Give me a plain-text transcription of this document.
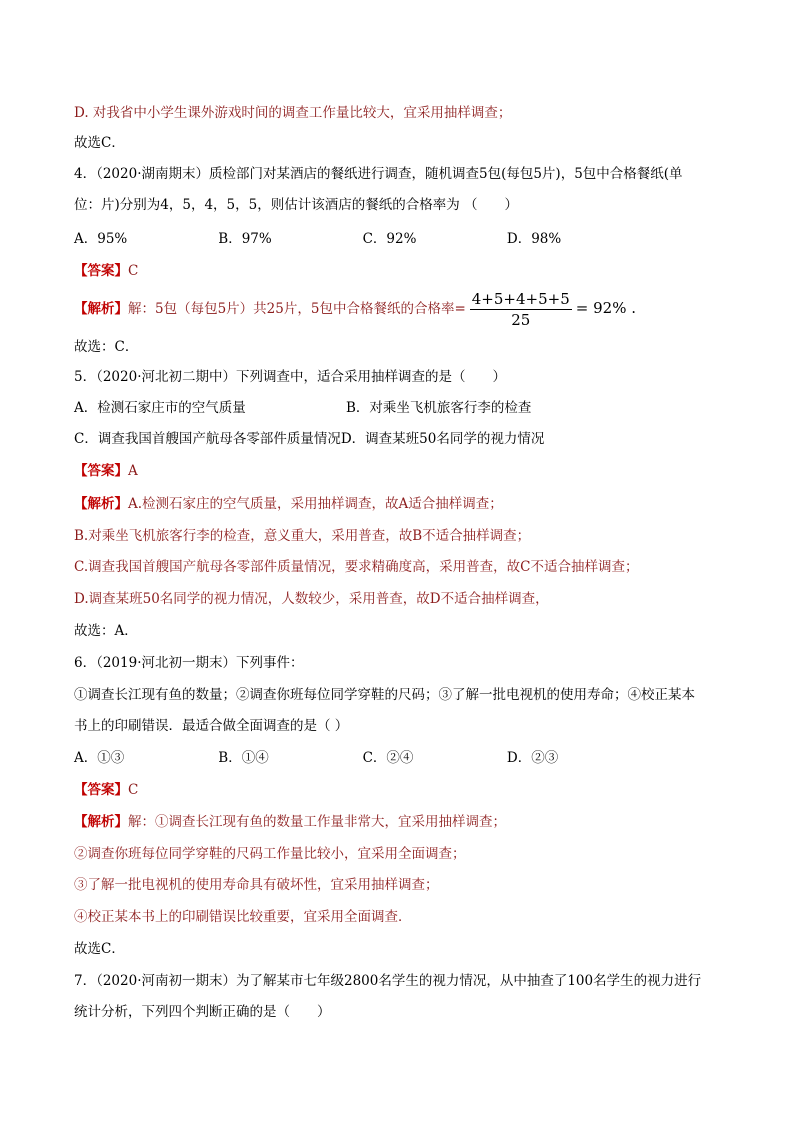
D. 对我省中小学生课外游戏时间的调查工作量比较大，宜采用抽样调查；
故选C．
4．（2020·湖南期末）质检部门对某酒店的餐纸进行调查，随机调查5包(每包5片)，5包中合格餐纸(单
位：片)分别为4，5，4，5，5，则估计该酒店的餐纸的合格率为 （　　）
A．95%	B．97%	C．92%	D．98%
【答案】C
【解析】解：5包（每包5片）共25片，5包中合格餐纸的合格率= $\frac{4+5+4+5+5}{25} = 92\%$ .
故选：C．
5．（2020·河北初二期中）下列调查中，适合采用抽样调查的是（　　）
A．检测石家庄市的空气质量	B．对乘坐飞机旅客行李的检查
C．调查我国首艘国产航母各零部件质量情况D．调查某班50名同学的视力情况
【答案】A
【解析】A.检测石家庄的空气质量，采用抽样调查，故A适合抽样调查；
B.对乘坐飞机旅客行李的检查，意义重大，采用普查，故B不适合抽样调查；
C.调查我国首艘国产航母各零部件质量情况，要求精确度高，采用普查，故C不适合抽样调查；
D.调查某班50名同学的视力情况，人数较少，采用普查，故D不适合抽样调查，
故选：A．
6．（2019·河北初一期末）下列事件：
①调查长江现有鱼的数量；②调查你班每位同学穿鞋的尺码；③了解一批电视机的使用寿命；④校正某本
书上的印刷错误．最适合做全面调查的是（ ）
A．①③	B．①④	C．②④	D．②③
【答案】C
【解析】解：①调查长江现有鱼的数量工作量非常大，宜采用抽样调查；
②调查你班每位同学穿鞋的尺码工作量比较小，宜采用全面调查；
③了解一批电视机的使用寿命具有破坏性，宜采用抽样调查；
④校正某本书上的印刷错误比较重要，宜采用全面调查．
故选C．
7．（2020·河南初一期末）为了解某市七年级2800名学生的视力情况，从中抽查了100名学生的视力进行
统计分析，下列四个判断正确的是（　　）
